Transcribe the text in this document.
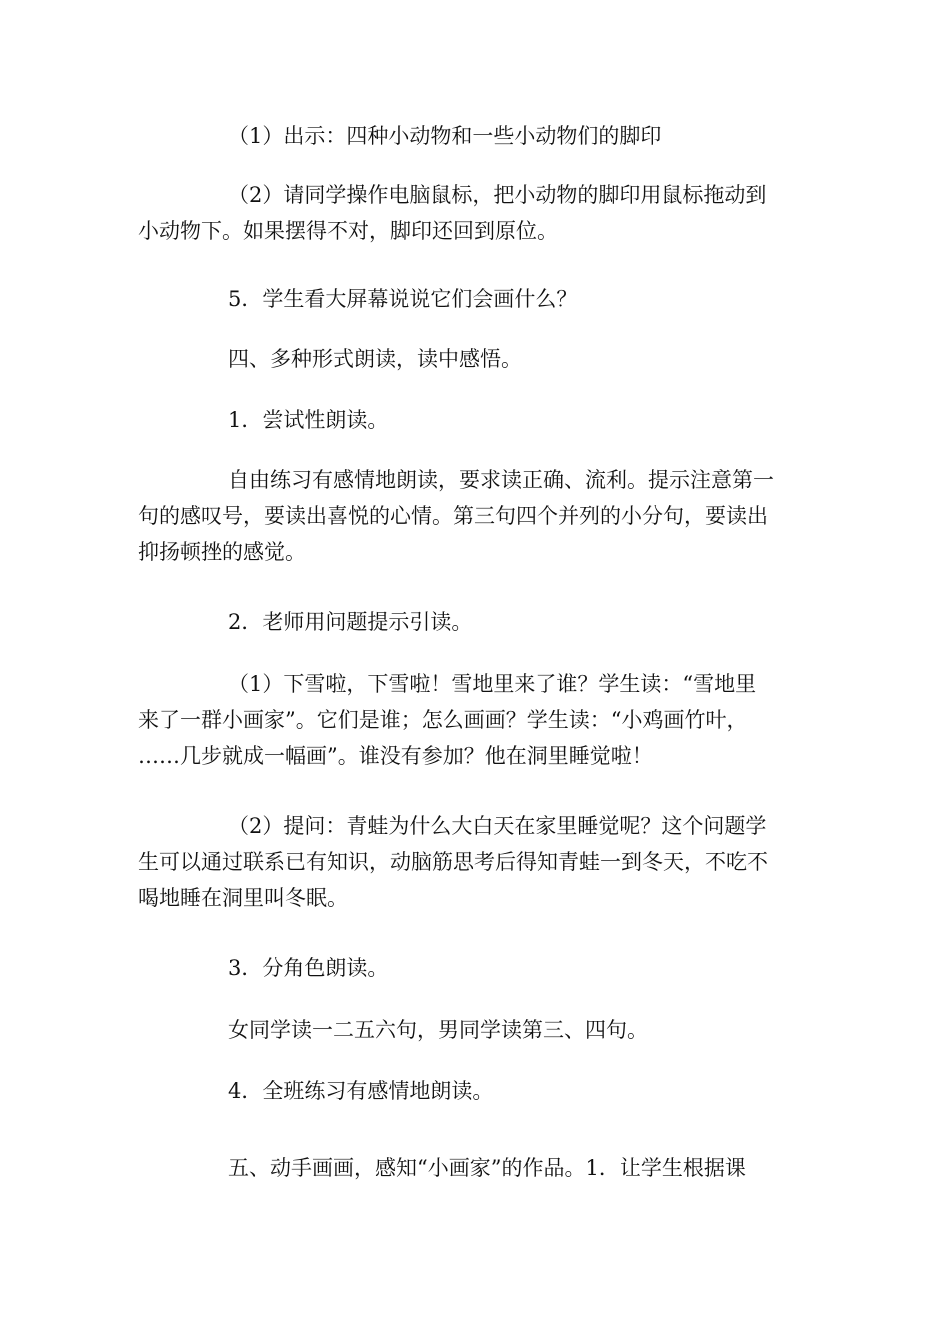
（1）出示：四种小动物和一些小动物们的脚印

（2）请同学操作电脑鼠标，把小动物的脚印用鼠标拖动到
小动物下。如果摆得不对，脚印还回到原位。

5．学生看大屏幕说说它们会画什么？

四、多种形式朗读，读中感悟。

1．尝试性朗读。

自由练习有感情地朗读，要求读正确、流利。提示注意第一
句的感叹号，要读出喜悦的心情。第三句四个并列的小分句，要读出
抑扬顿挫的感觉。

2．老师用问题提示引读。

（1）下雪啦，下雪啦！雪地里来了谁？学生读：“雪地里
来了一群小画家”。它们是谁；怎么画画？学生读：“小鸡画竹叶，
……几步就成一幅画”。谁没有参加？他在洞里睡觉啦！

（2）提问：青蛙为什么大白天在家里睡觉呢？这个问题学
生可以通过联系已有知识，动脑筋思考后得知青蛙一到冬天，不吃不
喝地睡在洞里叫冬眠。

3．分角色朗读。

女同学读一二五六句，男同学读第三、四句。

4．全班练习有感情地朗读。

五、动手画画，感知“小画家”的作品。1．让学生根据课
